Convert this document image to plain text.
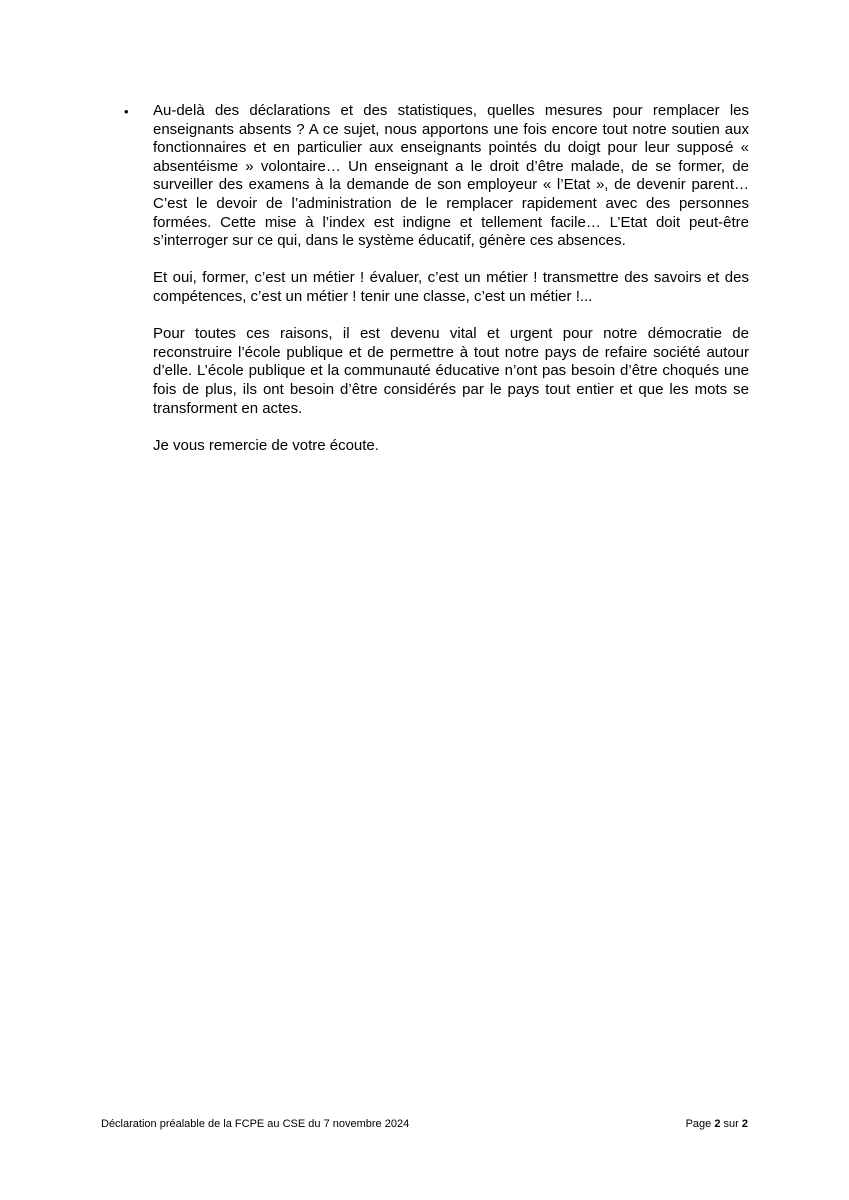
• Au-delà des déclarations et des statistiques, quelles mesures pour remplacer les enseignants absents ? A ce sujet, nous apportons une fois encore tout notre soutien aux fonctionnaires et en particulier aux enseignants pointés du doigt pour leur supposé « absentéisme » volontaire… Un enseignant a le droit d’être malade, de se former, de surveiller des examens à la demande de son employeur « l’Etat », de devenir parent… C’est le devoir de l’administration de le remplacer rapidement avec des personnes formées. Cette mise à l’index est indigne et tellement facile… L’Etat doit peut-être s’interroger sur ce qui, dans le système éducatif, génère ces absences.

Et oui, former, c’est un métier ! évaluer, c’est un métier ! transmettre des savoirs et des compétences, c’est un métier ! tenir une classe, c’est un métier !...

Pour toutes ces raisons, il est devenu vital et urgent pour notre démocratie de reconstruire l’école publique et de permettre à tout notre pays de refaire société autour d’elle. L’école publique et la communauté éducative n’ont pas besoin d’être choqués une fois de plus, ils ont besoin d’être considérés par le pays tout entier et que les mots se transforment en actes.

Je vous remercie de votre écoute.

Déclaration préalable de la FCPE au CSE du 7 novembre 2024	Page 2 sur 2
